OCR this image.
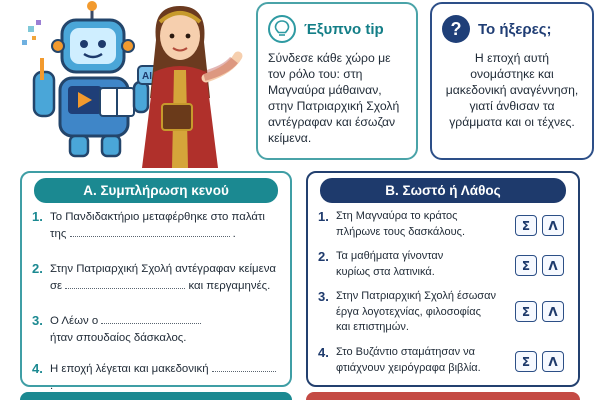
AI
Έξυπνο tip
Σύνδεσε κάθε χώρο με τον ρόλο του: στη Μαγναύρα μάθαιναν, στην Πατριαρχική Σχολή αντέγραφαν και έσωζαν κείμενα.
?	Το ήξερες;
Η εποχή αυτή ονομάστηκε και μακεδονική αναγέννηση, γιατί άνθισαν τα γράμματα και οι τέχνες.
Α. Συμπλήρωση κενού
1. Το Πανδιδακτήριο μεταφέρθηκε στο παλάτι
της	.
2. Στην Πατριαρχική Σχολή αντέγραφαν κείμενα
σε	και περγαμηνές.
3. Ο Λέων ο
ήταν σπουδαίος δάσκαλος.
4. Η εποχή λέγεται και μακεδονική  .
Β. Σωστό ή Λάθος
1. Στη Μαγναύρα το κράτος
πλήρωνε τους δασκάλους.	Σ	Λ
2. Τα μαθήματα γίνονταν
κυρίως στα λατινικά.	Σ	Λ
3. Στην Πατριαρχική Σχολή έσωσαν
έργα λογοτεχνίας, φιλοσοφίας
και επιστημών.
Σ	Λ
4. Στο Βυζάντιο σταμάτησαν να
φτιάχνουν χειρόγραφα βιβλία.	Σ	Λ
